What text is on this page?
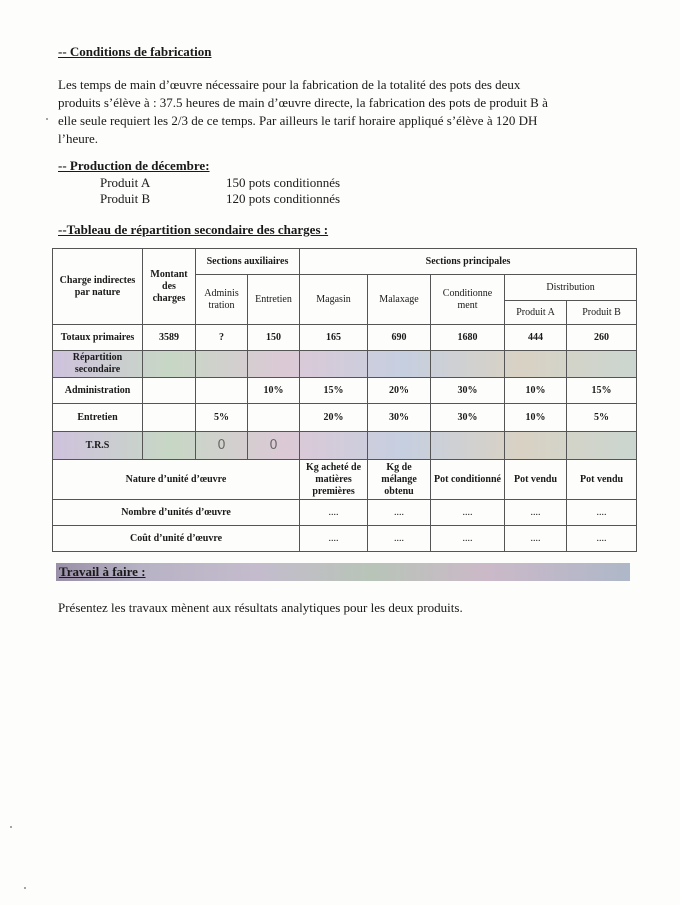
-- Conditions de fabrication
Les temps de main d’œuvre nécessaire pour la fabrication de la totalité des pots des deux
produits s’élève à : 37.5 heures de main d’œuvre directe, la fabrication des pots de produit B à
elle seule requiert les 2/3 de ce temps. Par ailleurs le tarif horaire appliqué s’élève à 120 DH
l’heure.
-- Production de décembre:
Produit A	150 pots conditionnés
Produit B	120 pots conditionnés
--Tableau de répartition secondaire des charges :
Charge indirectes par nature	Montant des charges	Sections auxiliaires		Sections principales				
		Adminis tration	Entretien	Magasin	Malaxage	Conditionne ment	Distribution	
							Produit A	Produit B
Totaux primaires	3589	?	150	165	690	1680	444	260
Répartition secondaire								
Administration			10%	15%	20%	30%	10%	15%
Entretien		5%		20%	30%	30%	10%	5%
T.R.S		0	0					
Nature d’unité d’œuvre				Kg acheté de matières premières	Kg de mélange obtenu	Pot conditionné	Pot vendu	Pot vendu
Nombre d’unités d’œuvre				....	....	....	....	....
Coût d’unité d’œuvre				....	....	....	....	....
Travail à faire :
Présentez les travaux mènent aux résultats analytiques pour les deux produits.
